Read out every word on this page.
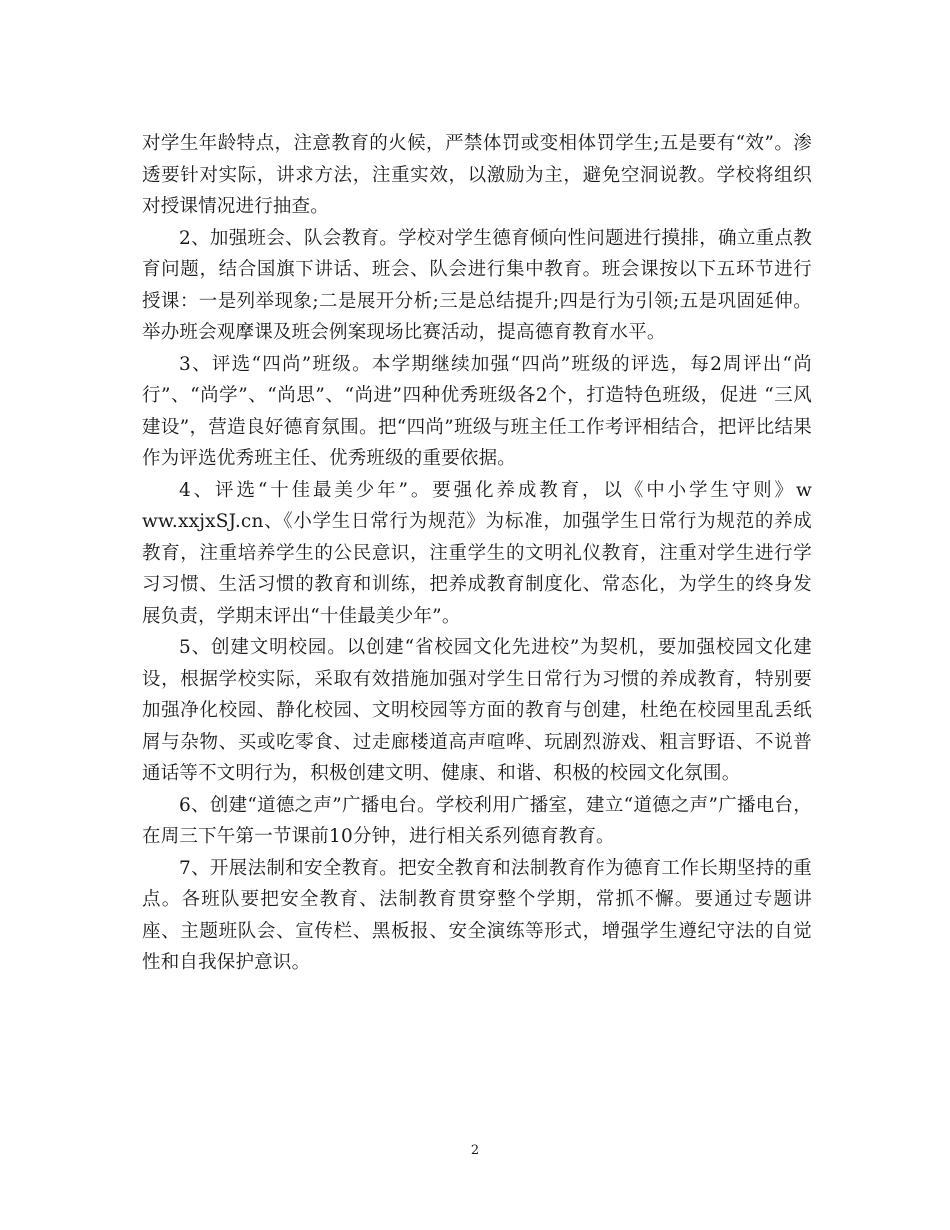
对学生年龄特点，注意教育的火候，严禁体罚或变相体罚学生;五是要有“效”。渗透要针对实际，讲求方法，注重实效，以激励为主，避免空洞说教。学校将组织对授课情况进行抽查。

2、加强班会、队会教育。学校对学生德育倾向性问题进行摸排，确立重点教育问题，结合国旗下讲话、班会、队会进行集中教育。班会课按以下五环节进行授课：一是列举现象;二是展开分析;三是总结提升;四是行为引领;五是巩固延伸。举办班会观摩课及班会例案现场比赛活动，提高德育教育水平。

3、评选“四尚”班级。本学期继续加强“四尚”班级的评选，每2周评出“尚行”、“尚学”、“尚思”、“尚进”四种优秀班级各2个，打造特色班级，促进 “三风建设”，营造良好德育氛围。把“四尚”班级与班主任工作考评相结合，把评比结果作为评选优秀班主任、优秀班级的重要依据。

4、评选“十佳最美少年”。要强化养成教育，以《中小学生守则》w ww.xxjxSJ.cn、《小学生日常行为规范》为标准，加强学生日常行为规范的养成教育，注重培养学生的公民意识，注重学生的文明礼仪教育，注重对学生进行学习习惯、生活习惯的教育和训练，把养成教育制度化、常态化，为学生的终身发展负责，学期末评出“十佳最美少年”。

5、创建文明校园。以创建“省校园文化先进校”为契机，要加强校园文化建设，根据学校实际，采取有效措施加强对学生日常行为习惯的养成教育，特别要加强净化校园、静化校园、文明校园等方面的教育与创建，杜绝在校园里乱丢纸屑与杂物、买或吃零食、过走廊楼道高声喧哗、玩剧烈游戏、粗言野语、不说普通话等不文明行为，积极创建文明、健康、和谐、积极的校园文化氛围。

6、创建“道德之声”广播电台。学校利用广播室，建立“道德之声”广播电台，在周三下午第一节课前10分钟，进行相关系列德育教育。

7、开展法制和安全教育。把安全教育和法制教育作为德育工作长期坚持的重点。各班队要把安全教育、法制教育贯穿整个学期，常抓不懈。要通过专题讲座、主题班队会、宣传栏、黑板报、安全演练等形式，增强学生遵纪守法的自觉性和自我保护意识。

2
